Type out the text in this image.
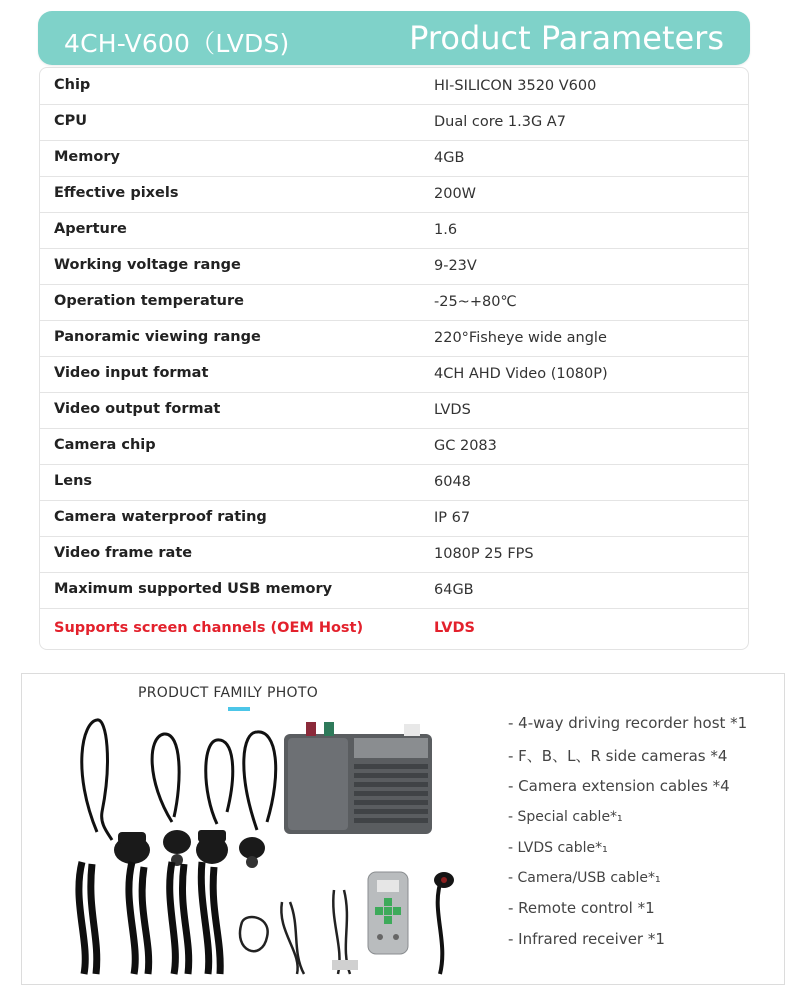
4CH-V600（LVDS)	Product Parameters
Chip	HI-SILICON 3520 V600
CPU	Dual core 1.3G A7
Memory	4GB
Effective pixels	200W
Aperture	1.6
Working voltage range	9-23V
Operation temperature	-25~+80℃
Panoramic viewing range	220°Fisheye wide angle
Video input format	4CH AHD Video (1080P)
Video output format	LVDS
Camera chip	GC 2083
Lens	6048
Camera waterproof rating	IP 67
Video frame rate	1080P 25 FPS
Maximum supported USB memory	64GB
Supports screen channels (OEM Host)	LVDS
PRODUCT FAMILY PHOTO
- 4-way driving recorder host *1
- F、B、L、R side cameras *4
- Camera extension cables *4
- Special cable*₁
- LVDS cable*₁
- Camera/USB cable*₁
- Remote control *1
- Infrared receiver *1
